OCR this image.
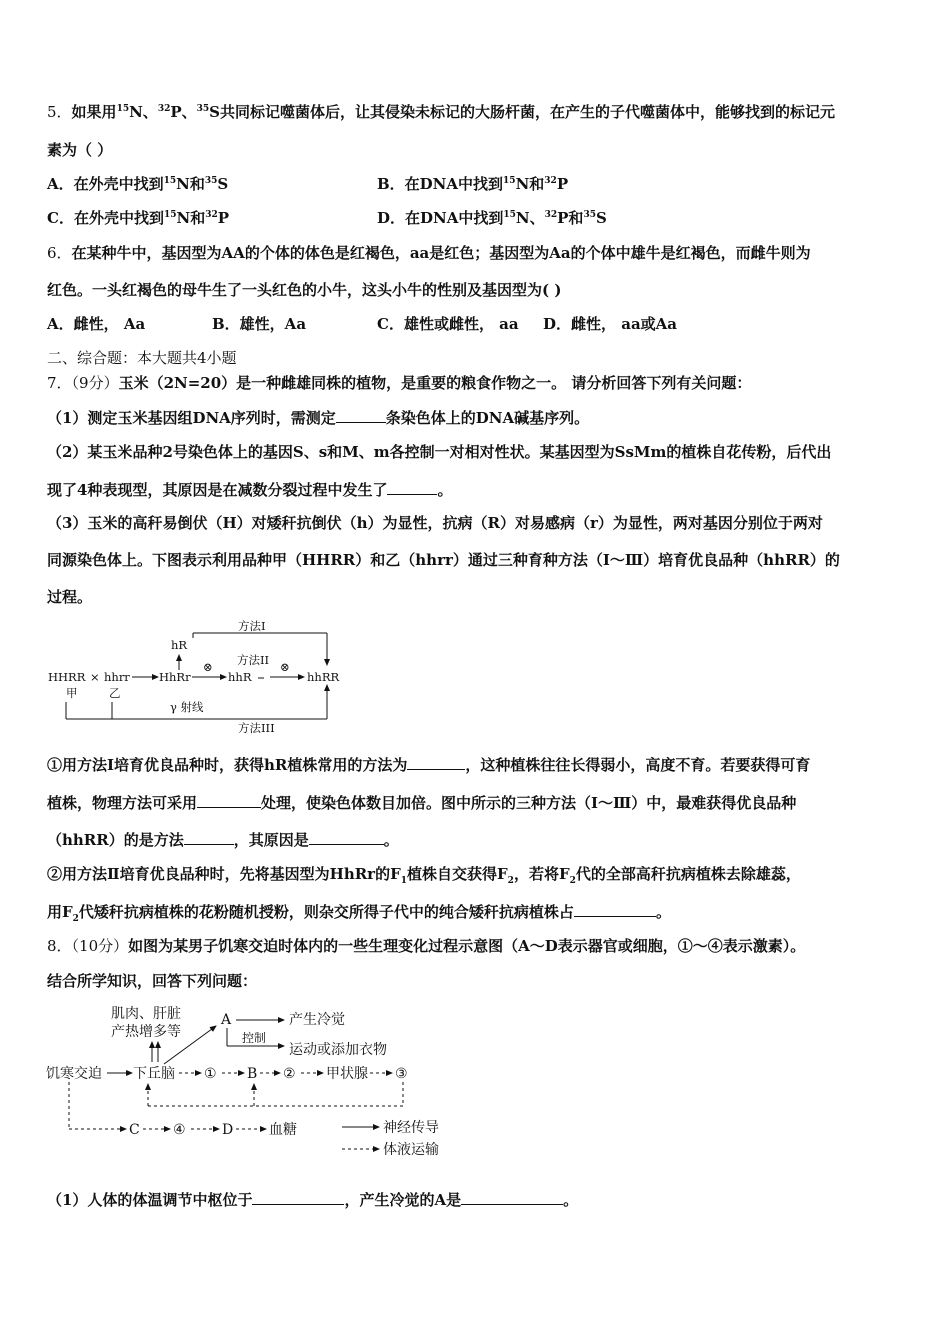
5．如果用$^{15}$N、$^{32}$P、$^{35}$S共同标记噬菌体后，让其侵染未标记的大肠杆菌，在产生的子代噬菌体中，能够找到的标记元
素为（ ）
A．在外壳中找到$^{15}$N和$^{35}$S	B．在DNA中找到$^{15}$N和$^{32}$P
C．在外壳中找到$^{15}$N和$^{32}$P	D．在DNA中找到$^{15}$N、$^{32}$P和$^{35}$S
6．在某种牛中，基因型为AA的个体的体色是红褐色，aa是红色；基因型为Aa的个体中雄牛是红褐色，而雌牛则为
红色。一头红褐色的母牛生了一头红色的小牛，这头小牛的性别及基因型为( )
A．雌性， Aa	B．雄性，Aa	C．雄性或雌性， aa D．雌性， aa或Aa
二、综合题：本大题共4小题
7．（9分）玉米（2N=20）是一种雌雄同株的植物，是重要的粮食作物之一。 请分析回答下列有关问题：
（1）测定玉米基因组DNA序列时，需测定	条染色体上的DNA碱基序列。
（2）某玉米品种2号染色体上的基因S、s和M、m各控制一对相对性状。某基因型为SsMm的植株自花传粉，后代出
现了4种表现型，其原因是在减数分裂过程中发生了	。
（3）玉米的高秆易倒伏（H）对矮秆抗倒伏（h）为显性，抗病（R）对易感病（r）为显性，两对基因分别位于两对
同源染色体上。下图表示利用品种甲（HHRR）和乙（hhrr）通过三种育种方法（Ⅰ～Ⅲ）培育优良品种（hhRR）的
过程。
方法I
hR
HHRR × hhrr	HhRr
⊗ 方法II
hhR
⊗
hhRR
甲	乙
γ 射线
方法III
①用方法Ⅰ培育优良品种时，获得hR植株常用的方法为	，这种植株往往长得弱小，高度不育。若要获得可育
植株，物理方法可采用	处理，使染色体数目加倍。图中所示的三种方法（Ⅰ～Ⅲ）中，最难获得优良品种
（hhRR）的是方法	，其原因是	。
②用方法Ⅱ培育优良品种时，先将基因型为HhRr的$F_1$植株自交获得$F_2$，若将$F_2$代的全部高秆抗病植株去除雄蕊，
用$F_2$代矮秆抗病植株的花粉随机授粉，则杂交所得子代中的纯合矮秆抗病植株占	。
8．（10分）如图为某男子饥寒交迫时体内的一些生理变化过程示意图（A～D表示器官或细胞，①～④表示激素）。
结合所学知识，回答下列问题：
肌肉、肝脏
产热增多等
A	产生冷觉
控制
运动或添加衣物
饥寒交迫 下丘脑 ① B ② 甲状腺 ③
C ④	D	血糖	神经传导
体液运输
（1）人体的体温调节中枢位于	，产生冷觉的A是	。
